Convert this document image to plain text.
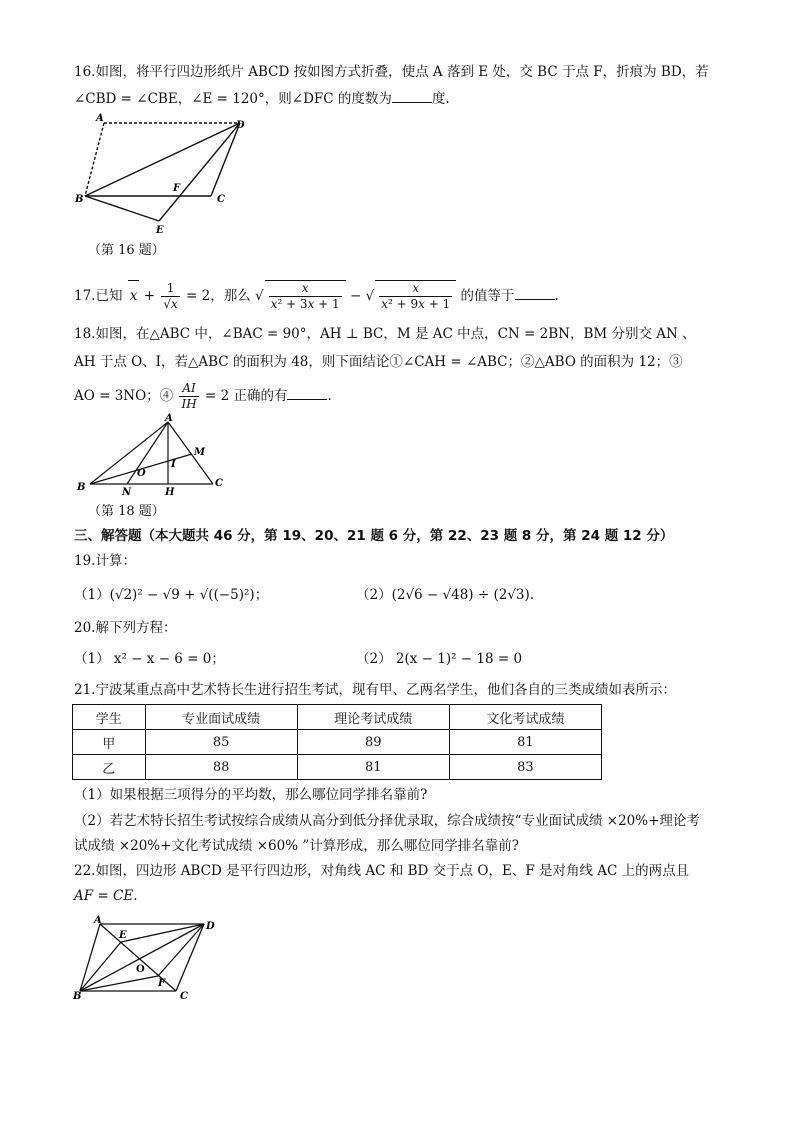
16.如图，将平行四边形纸片 ABCD 按如图方式折叠，使点 A 落到 E 处，交 BC 于点 F，折痕为 BD，若
∠CBD = ∠CBE，∠E = 120°，则∠DFC 的度数为	度.
A
D
B	C
F
E
（第 16 题）
17.已知 $x + \frac{1}{√x} = 2$，那么 √ $\frac{x}{\text{x² + 3x + 1}}$ − √ $\frac{x}{\text{x² + 9x + 1}}$ 的值等于	.
18.如图，在△ABC 中，∠BAC = 90°，AH ⊥ BC，M 是 AC 中点，CN = 2BN，BM 分别交 AN 、
AH 于点 O、I，若△ABC 的面积为 48，则下面结论①∠CAH = ∠ABC；②△ABO 的面积为 12；③
AO = 3NO；④ $\frac{AI}{IH} = 2$ 正确的有	.
A
B	C
M
O
I
N	H
（第 18 题）
三、解答题（本大题共 46 分，第 19、20、21 题 6 分，第 22、23 题 8 分，第 24 题 12 分）
19.计算：
（1）(√2)² − √9 + √((−5)²)；	（2）(2√6 − √48) ÷ (2√3).
20.解下列方程：
（1） x² − x − 6 = 0；	（2） 2(x − 1)² − 18 = 0
21.宁波某重点高中艺术特长生进行招生考试，现有甲、乙两名学生，他们各自的三类成绩如表所示：
学生	专业面试成绩	理论考试成绩	文化考试成绩
甲	85	89	81
乙	88	81	83
（1）如果根据三项得分的平均数，那么哪位同学排名靠前?
（2）若艺术特长招生考试按综合成绩从高分到低分择优录取，综合成绩按“专业面试成绩 ×20%+理论考
试成绩 ×20%+文化考试成绩 ×60% ”计算形成，那么哪位同学排名靠前?
22.如图，四边形 ABCD 是平行四边形，对角线 AC 和 BD 交于点 O，E、F 是对角线 AC 上的两点且
AF = CE.
A
D
B	C
E
F
O
